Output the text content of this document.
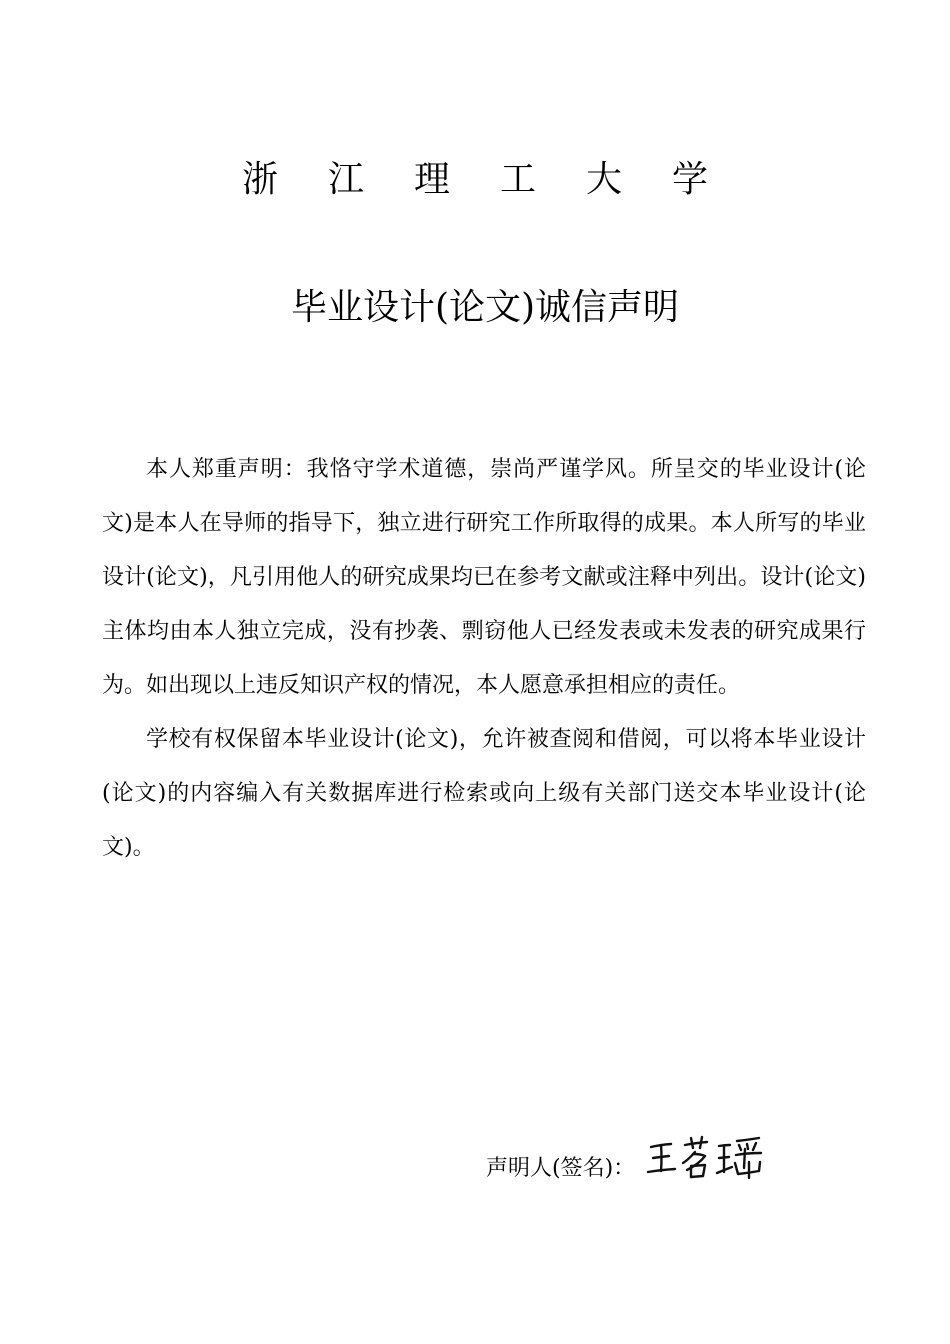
浙 江 理 工 大 学
毕业设计(论文)诚信声明

本人郑重声明：我恪守学术道德，崇尚严谨学风。所呈交的毕业设计(论文)是本人在导师的指导下，独立进行研究工作所取得的成果。本人所写的毕业设计(论文)，凡引用他人的研究成果均已在参考文献或注释中列出。设计(论文)主体均由本人独立完成，没有抄袭、剽窃他人已经发表或未发表的研究成果行为。如出现以上违反知识产权的情况，本人愿意承担相应的责任。

学校有权保留本毕业设计(论文)，允许被查阅和借阅，可以将本毕业设计(论文)的内容编入有关数据库进行检索或向上级有关部门送交本毕业设计(论文)。

声明人(签名)：
